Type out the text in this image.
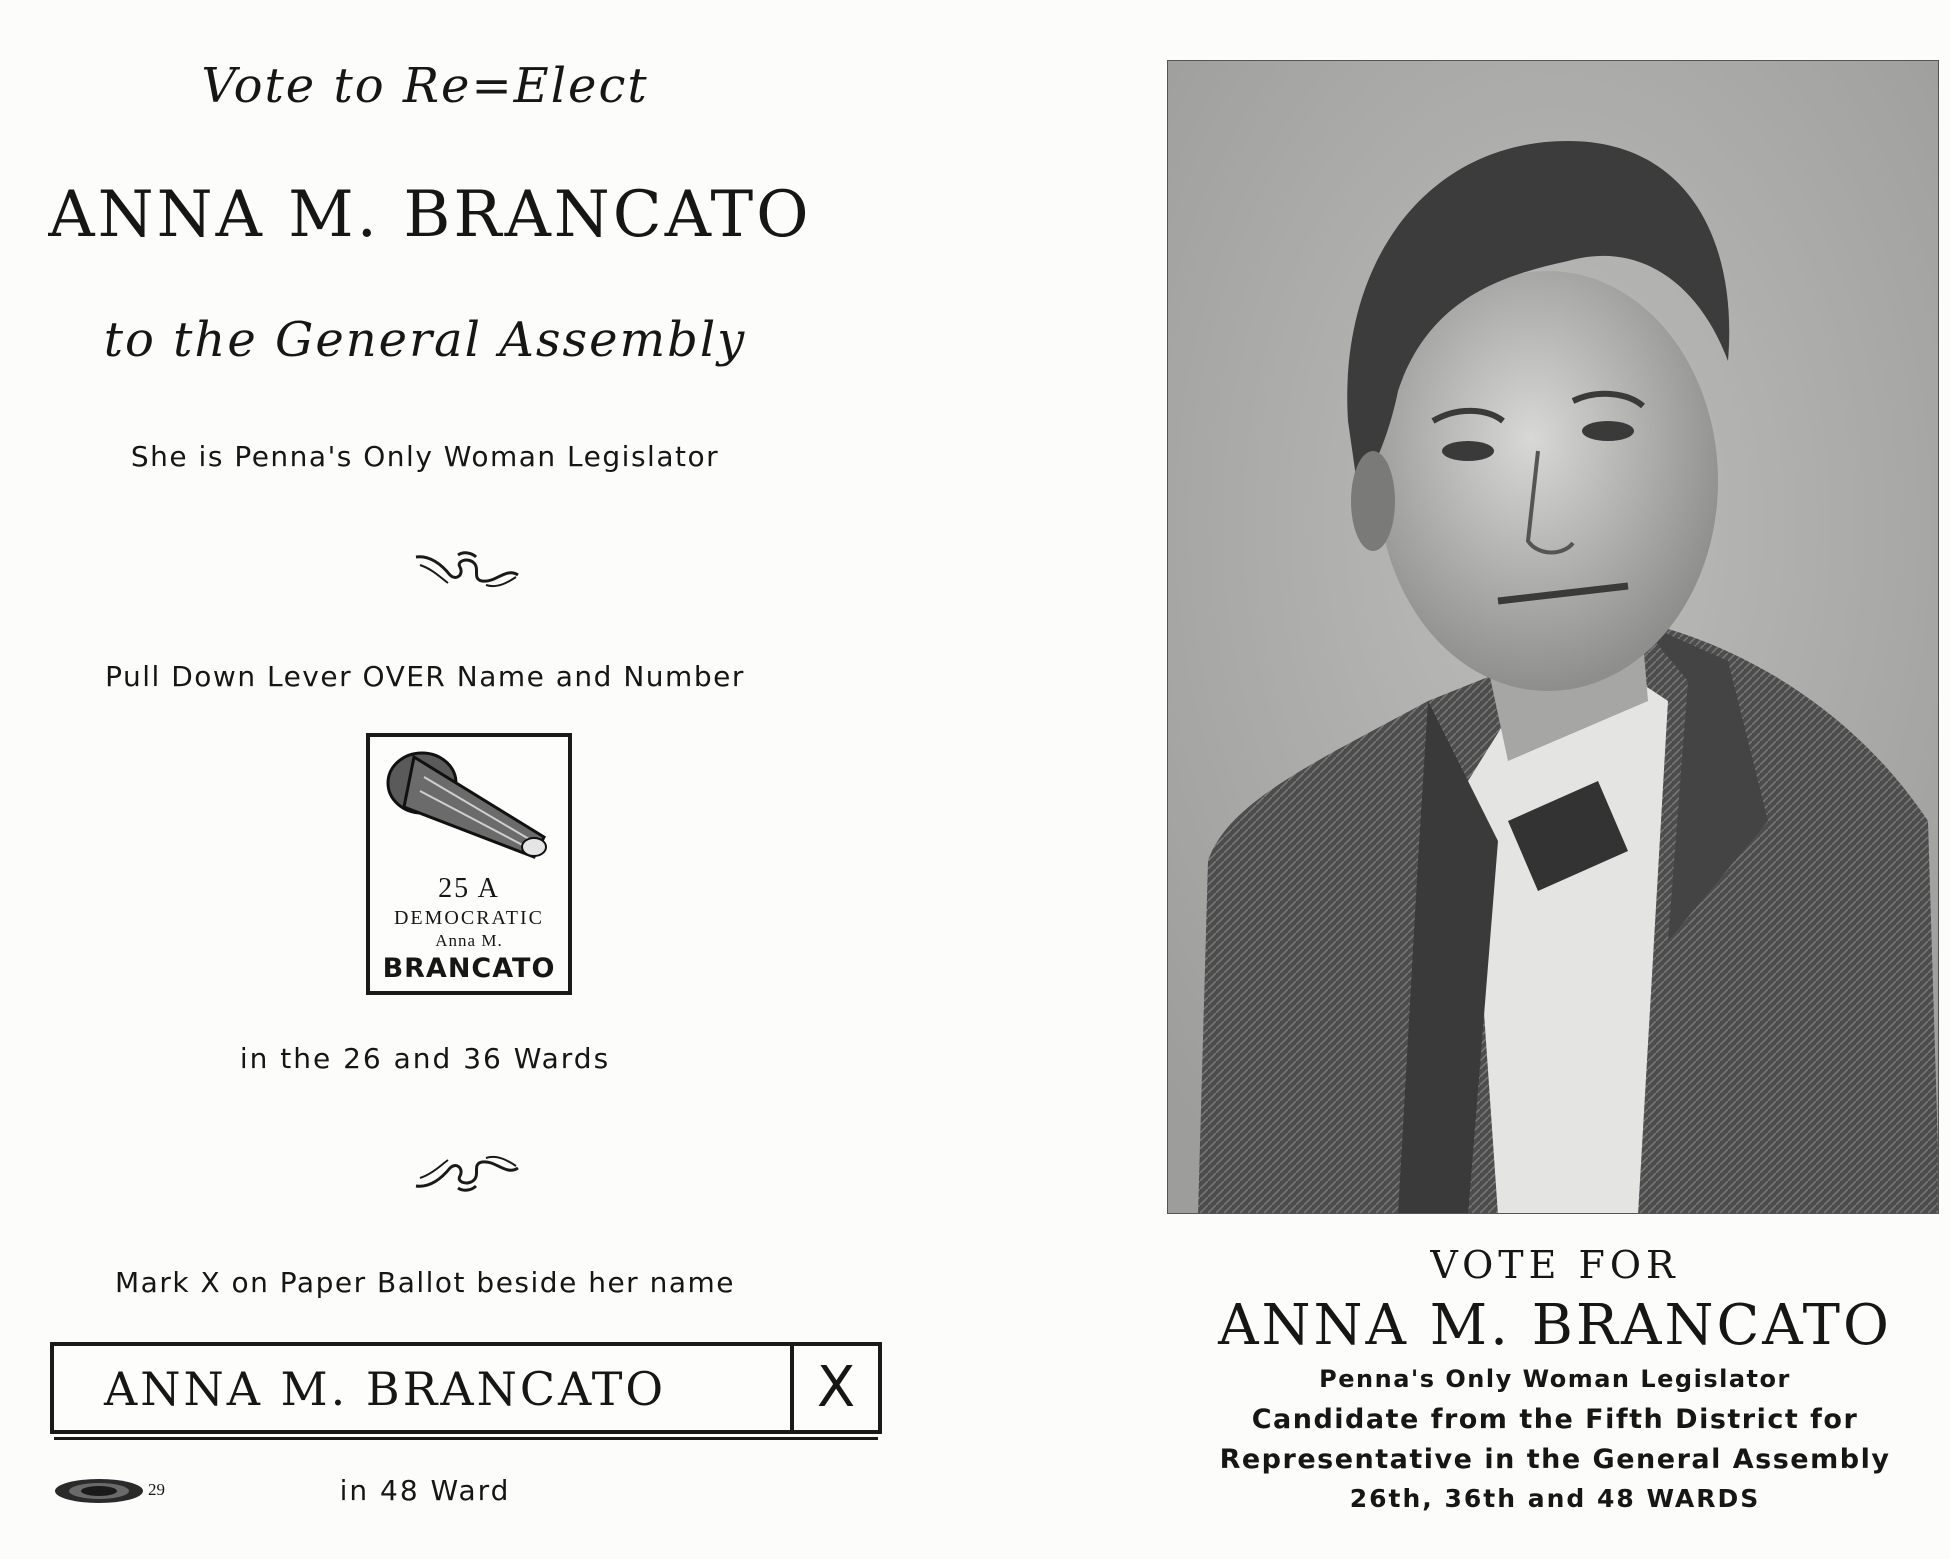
Vote to Re=Elect
ANNA M. BRANCATO
to the General Assembly
She is Penna's Only Woman Legislator
Pull Down Lever OVER Name and Number
25 A
DEMOCRATIC
Anna M.
BRANCATO
in the 26 and 36 Wards
Mark X on Paper Ballot beside her name
ANNA M. BRANCATO	X
29	in 48 Ward
VOTE FOR
ANNA M. BRANCATO
Penna's Only Woman Legislator
Candidate from the Fifth District for
Representative in the General Assembly
26th, 36th and 48 WARDS
